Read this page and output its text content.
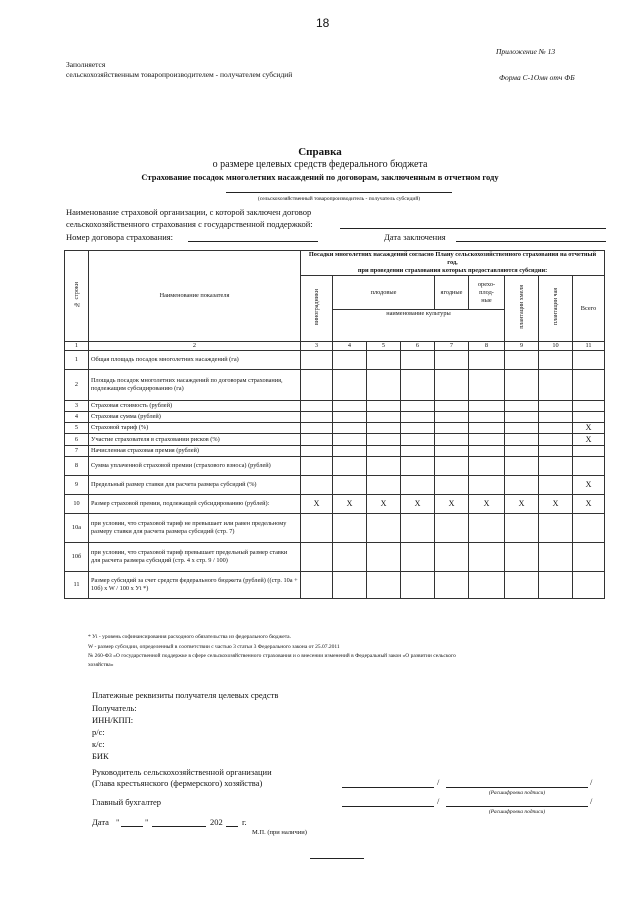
18
Приложение № 13
Заполняется
сельскохозяйственным товаропроизводителем - получателем субсидий	Форма С-1Омн отч ФБ
Справка
о размере целевых средств федерального бюджета
Страхование посадок многолетних насаждений по договорам, заключенным в отчетном году
(сельскохозяйственный товаропроизводитель - получатель субсидий)
Наименование страховой организации, с которой заключен договор
сельскохозяйственного страхования с государственной поддержкой:
Номер договора страхования:	Дата заключения
№ строки	Наименование показателя	Посадки многолетних насаждений согласно Плану сельскохозяйственного страхования на отчетный год,
при проведении страхования которых предоставляются субсидии:								

		виноградники	плодовые			ягодные	орехо-
плод-
ные	плантации хмеля	плантации чая	Всего
			наименование культуры							
1	2	3	4	5	6	7	8	9	10	11
1	Общая площадь посадок многолетних насаждений (га)									
2	Площадь посадок многолетних насаждений по договорам страхования, подлежащим субсидированию (га)									
3	Страховая стоимость (рублей)									
4	Страховая сумма (рублей)									
5	Страховой тариф (%)									X
6	Участие страхователя в страховании рисков (%)									X
7	Начисленная страховая премия (рублей)									
8	Сумма уплаченной страховой премии (страхового взноса) (рублей)									
9	Предельный размер ставки для расчета размера субсидий (%)									X
10	Размер страховой премии, подлежащей субсидированию (рублей):	X	X	X	X	X	X	X	X	X
10а	при условии, что страховой тариф не превышает или равен предельному размеру ставки для расчета размера субсидий (стр. 7)									
10б	при условии, что страховой тариф превышает предельный размер ставки для расчета размера субсидий (стр. 4 х стр. 9 / 100)									
11	Размер субсидий за счет средств федерального бюджета (рублей) ((стр. 10а + 10б) х W / 100 х Уi *)									
* Уi - уровень софинансирования расходного обязательства из федерального бюджета.
W - размер субсидии, определенный в соответствии с частью 3 статьи 3 Федерального закона от 25.07.2011
№ 260-ФЗ «О государственной поддержке в сфере сельскохозяйственного страхования и о внесении изменений в Федеральный закон «О развитии сельского
хозяйства»
Платежные реквизиты получателя целевых средств
Получатель:
ИНН/КПП:
р/с:
к/с:
БИК
Руководитель сельскохозяйственной организации
(Глава крестьянского (фермерского) хозяйства)	/	/
(Расшифровка подписи)
Главный бухгалтер	/	/
(Расшифровка подписи)
Дата "	"	202 г.
М.П. (при наличии)
